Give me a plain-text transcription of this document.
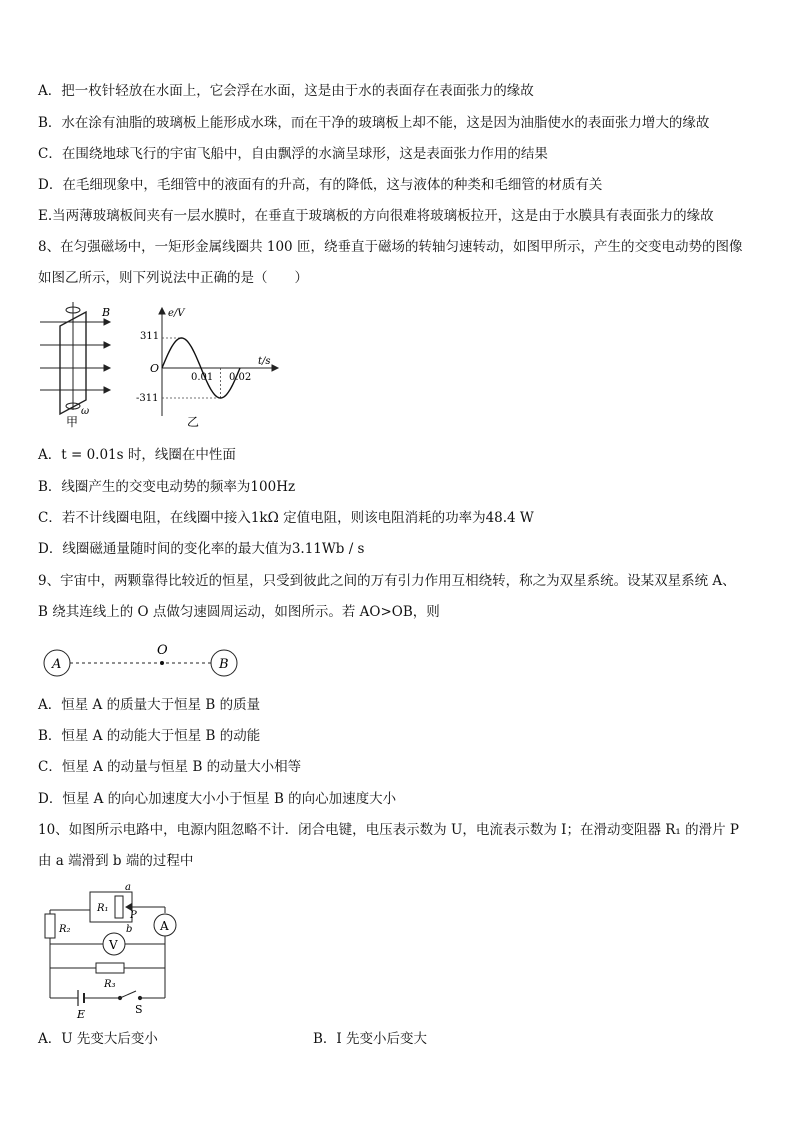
A．把一枚针轻放在水面上，它会浮在水面，这是由于水的表面存在表面张力的缘故
B．水在涂有油脂的玻璃板上能形成水珠，而在干净的玻璃板上却不能，这是因为油脂使水的表面张力增大的缘故
C．在围绕地球飞行的宇宙飞船中，自由飘浮的水滴呈球形，这是表面张力作用的结果
D．在毛细现象中，毛细管中的液面有的升高，有的降低，这与液体的种类和毛细管的材质有关
E.当两薄玻璃板间夹有一层水膜时，在垂直于玻璃板的方向很难将玻璃板拉开，这是由于水膜具有表面张力的缘故
8、在匀强磁场中，一矩形金属线圈共 100 匝，绕垂直于磁场的转轴匀速转动，如图甲所示，产生的交变电动势的图像
如图乙所示，则下列说法中正确的是（　　）
B
ω
甲
e/V
t/s
O
311
-311
0.01 0.02
乙
A．t = 0.01s 时，线圈在中性面
B．线圈产生的交变电动势的频率为100Hz
C．若不计线圈电阻，在线圈中接入1kΩ 定值电阻，则该电阻消耗的功率为48.4 W
D．线圈磁通量随时间的变化率的最大值为3.11Wb / s
9、宇宙中，两颗靠得比较近的恒星，只受到彼此之间的万有引力作用互相绕转，称之为双星系统。设某双星系统 A、
B 绕其连线上的 O 点做匀速圆周运动，如图所示。若 AO>OB，则
A
O
B
A．恒星 A 的质量大于恒星 B 的质量
B．恒星 A 的动能大于恒星 B 的动能
C．恒星 A 的动量与恒星 B 的动量大小相等
D．恒星 A 的向心加速度大小小于恒星 B 的向心加速度大小
10、如图所示电路中，电源内阻忽略不计．闭合电键，电压表示数为 U，电流表示数为 I；在滑动变阻器 R₁ 的滑片 P
由 a 端滑到 b 端的过程中
a
b
P
R₁
R₂
R₃
V
A
E	S
A．U 先变大后变小	B．I 先变小后变大
